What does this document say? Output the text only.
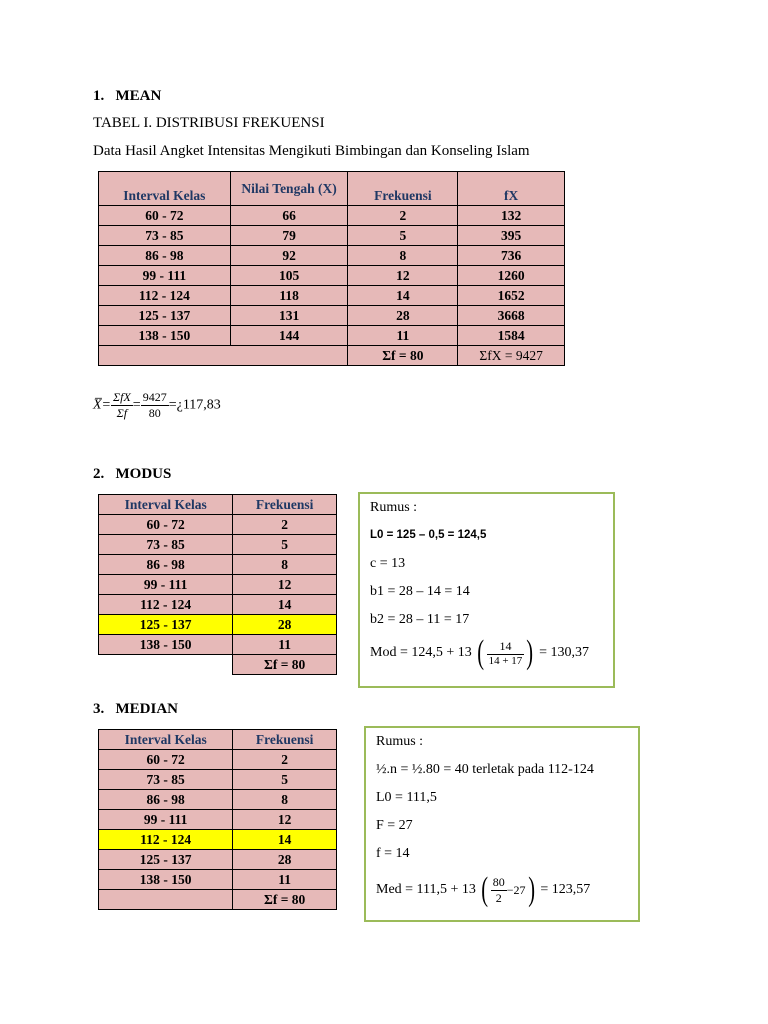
1.   MEAN
TABEL I. DISTRIBUSI FREKUENSI
Data Hasil Angket Intensitas Mengikuti Bimbingan dan Konseling Islam
Interval Kelas	Nilai Tengah (X)	Frekuensi	fX
60 - 72	66	2	132
73 - 85	79	5	395
86 - 98	92	8	736
99 - 111	105	12	1260
112 - 124	118	14	1652
125 - 137	131	28	3668
138 - 150	144	11	1584
		Σf = 80	ΣfX = 9427
X̅= $\frac{\text{ΣfX}}{\Sigma f} = \frac{9427}{80}$ =¿117,83
2.   MODUS
Interval Kelas	Frekuensi
60 - 72	2
73 - 85	5
86 - 98	8
99 - 111	12
112 - 124	14
125 - 137	28
138 - 150	11
	Σf = 80
Rumus :
L0 = 125 – 0,5 = 124,5
c = 13
b1 = 28 – 14 = 14
b2 = 28 – 11 = 17
Mod = 124,5 + 13 ( $\frac{14}{14 + 17}$ ) = 130,37
3.   MEDIAN
Interval Kelas	Frekuensi
60 - 72	2
73 - 85	5
86 - 98	8
99 - 111	12
112 - 124	14
125 - 137	28
138 - 150	11
	Σf = 80
Rumus :
½.n = ½.80 = 40 terletak pada 112-124
L0 = 111,5
F = 27
f = 14
Med = 111,5 + 13 ( $\frac{80}{2} -27) = 123,57$
